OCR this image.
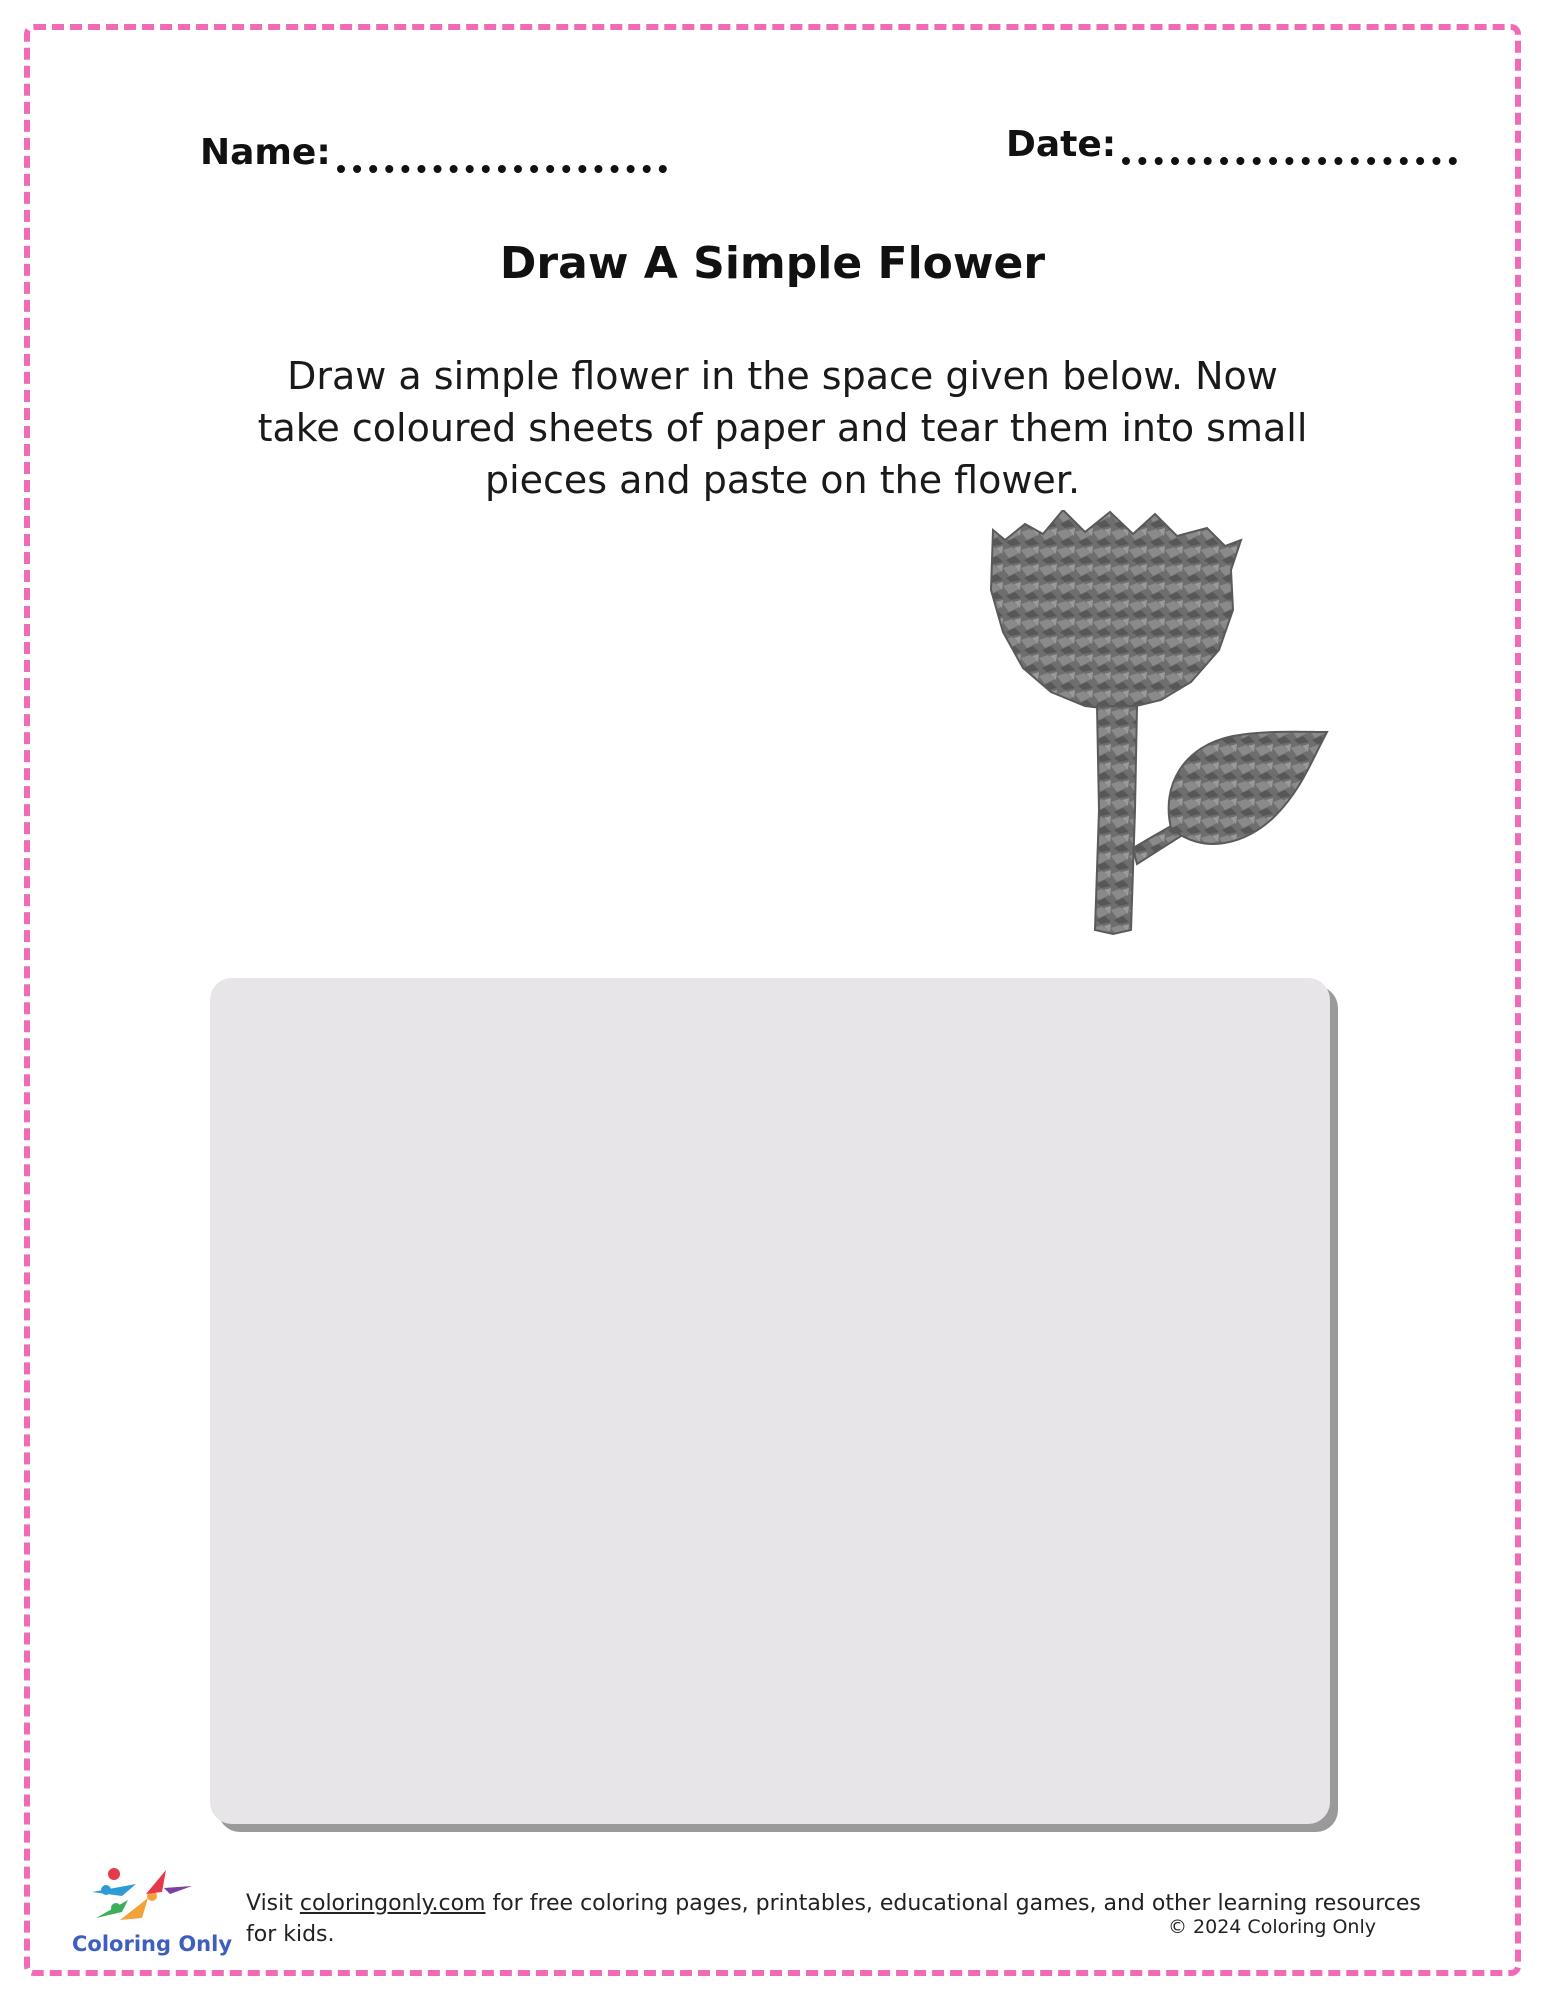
Name:	Date:
Draw A Simple Flower
Draw a simple flower in the space given below. Now take coloured sheets of paper and tear them into small pieces and paste on the flower.
Coloring Only
Visit coloringonly.com for free coloring pages, printables, educational games, and other learning resources for kids.	© 2024 Coloring Only
